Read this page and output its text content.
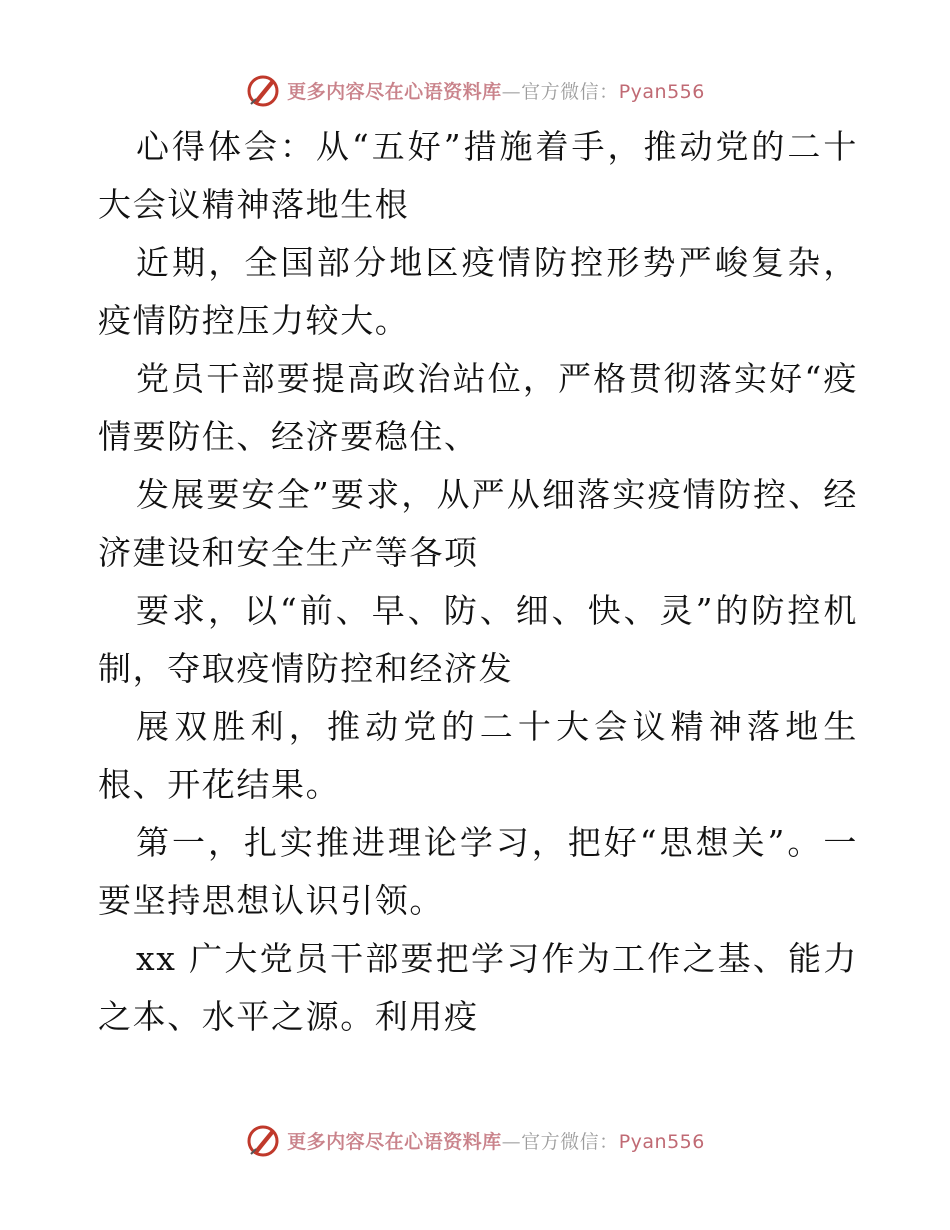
更多内容尽在心语资料库—官方微信：Pyan556

心得体会：从“五好”措施着手，推动党的二十大会议精神落地生根

近期，全国部分地区疫情防控形势严峻复杂，疫情防控压力较大。

党员干部要提高政治站位，严格贯彻落实好“疫情要防住、经济要稳住、

发展要安全”要求，从严从细落实疫情防控、经济建设和安全生产等各项

要求，以“前、早、防、细、快、灵”的防控机制，夺取疫情防控和经济发

展双胜利，推动党的二十大会议精神落地生根、开花结果。

第一，扎实推进理论学习，把好“思想关”。一要坚持思想认识引领。

xx 广大党员干部要把学习作为工作之基、能力之本、水平之源。利用疫

更多内容尽在心语资料库—官方微信：Pyan556
